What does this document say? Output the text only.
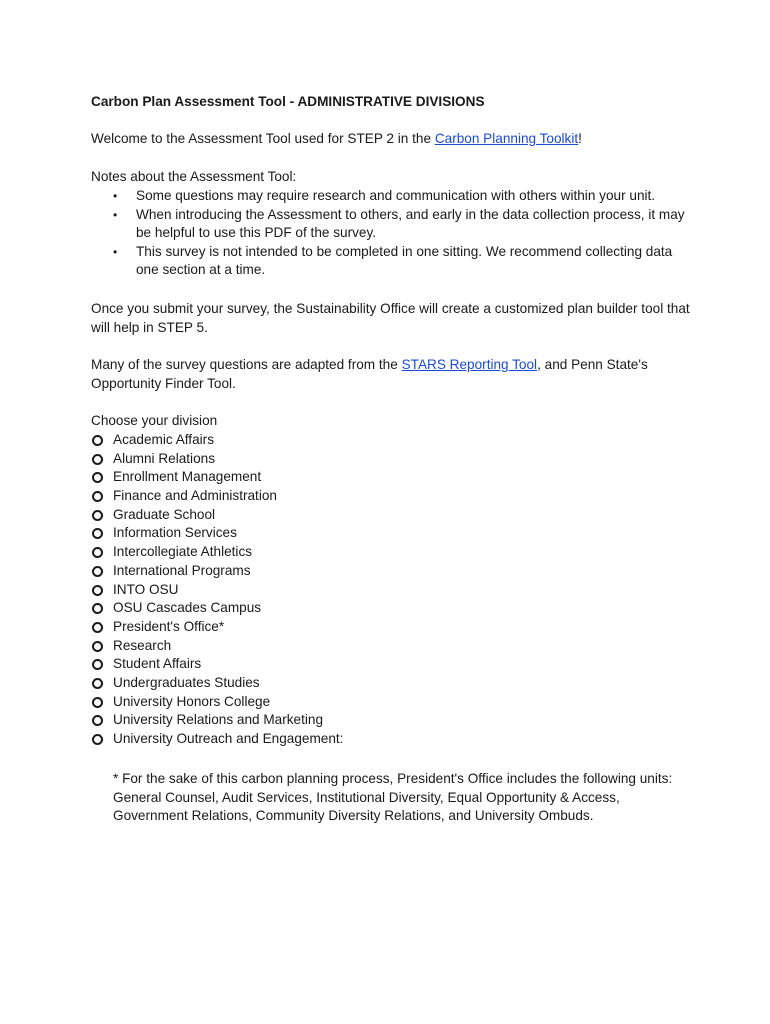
Carbon Plan Assessment Tool - ADMINISTRATIVE DIVISIONS

Welcome to the Assessment Tool used for STEP 2 in the Carbon Planning Toolkit!

Notes about the Assessment Tool:

• Some questions may require research and communication with others within your unit.
• When introducing the Assessment to others, and early in the data collection process, it may be helpful to use this PDF of the survey.
• This survey is not intended to be completed in one sitting. We recommend collecting data one section at a time.

Once you submit your survey, the Sustainability Office will create a customized plan builder tool that will help in STEP 5.

Many of the survey questions are adapted from the STARS Reporting Tool, and Penn State's Opportunity Finder Tool.

Choose your division

Academic Affairs
Alumni Relations
Enrollment Management
Finance and Administration
Graduate School
Information Services
Intercollegiate Athletics
International Programs
INTO OSU
OSU Cascades Campus
President's Office*
Research
Student Affairs
Undergraduates Studies
University Honors College
University Relations and Marketing
University Outreach and Engagement:

* For the sake of this carbon planning process, President's Office includes the following units: General Counsel, Audit Services, Institutional Diversity, Equal Opportunity & Access, Government Relations, Community Diversity Relations, and University Ombuds.
